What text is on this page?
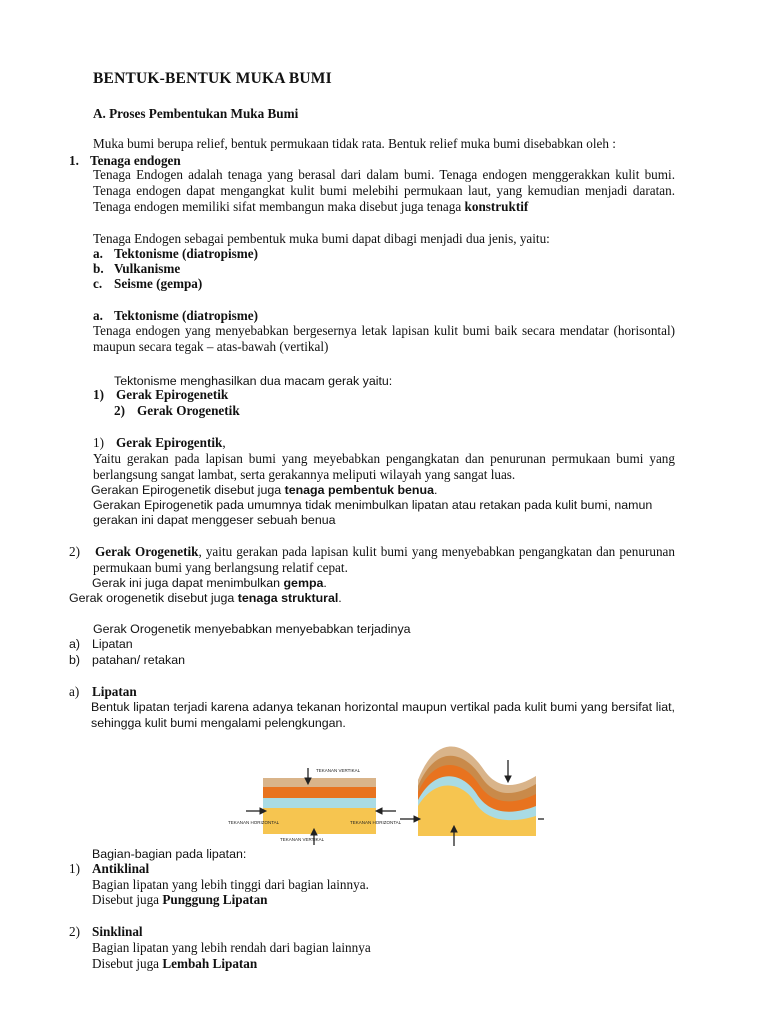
BENTUK-BENTUK MUKA BUMI
A. Proses Pembentukan Muka Bumi
Muka bumi berupa relief, bentuk permukaan tidak rata. Bentuk relief muka bumi disebabkan oleh :
1. Tenaga endogen
Tenaga Endogen adalah tenaga yang berasal dari dalam bumi. Tenaga endogen menggerakkan kulit bumi. Tenaga endogen dapat mengangkat kulit bumi melebihi permukaan laut, yang kemudian menjadi daratan. Tenaga endogen memiliki sifat membangun maka disebut juga tenaga konstruktif
Tenaga Endogen sebagai pembentuk muka bumi dapat dibagi menjadi dua jenis, yaitu:
a. Tektonisme (diatropisme)
b. Vulkanisme
c. Seisme (gempa)
a. Tektonisme (diatropisme)
Tenaga endogen yang menyebabkan bergesernya letak lapisan kulit bumi baik secara mendatar (horisontal) maupun secara tegak – atas-bawah (vertikal)
Tektonisme menghasilkan dua macam gerak yaitu:
1) Gerak Epirogenetik
2) Gerak Orogenetik
1) Gerak Epirogentik,
Yaitu gerakan pada lapisan bumi yang meyebabkan pengangkatan dan penurunan permukaan bumi yang berlangsung sangat lambat, serta gerakannya meliputi wilayah yang sangat luas.
Gerakan Epirogenetik disebut juga tenaga pembentuk benua.
Gerakan Epirogenetik pada umumnya tidak menimbulkan lipatan atau retakan pada kulit bumi, namun
gerakan ini dapat menggeser sebuah benua
2) Gerak Orogenetik, yaitu gerakan pada lapisan kulit bumi yang menyebabkan pengangkatan dan penurunan permukaan bumi yang berlangsung relatif cepat.
Gerak ini juga dapat menimbulkan gempa.
Gerak orogenetik disebut juga tenaga struktural.
Gerak Orogenetik menyebabkan menyebabkan terjadinya
a) Lipatan
b) patahan/ retakan
a) Lipatan
Bentuk lipatan terjadi karena adanya tekanan horizontal maupun vertikal pada kulit bumi yang bersifat liat, sehingga kulit bumi mengalami pelengkungan.
TEKANAN VERTIKAL
TEKANAN HORIZONTAL	TEKANAN HORIZONTAL
TEKANAN VERTIKAL
Bagian-bagian pada lipatan:
1) Antiklinal
Bagian lipatan yang lebih tinggi dari bagian lainnya.
Disebut juga Punggung Lipatan
2) Sinklinal
Bagian lipatan yang lebih rendah dari bagian lainnya
Disebut juga Lembah Lipatan
